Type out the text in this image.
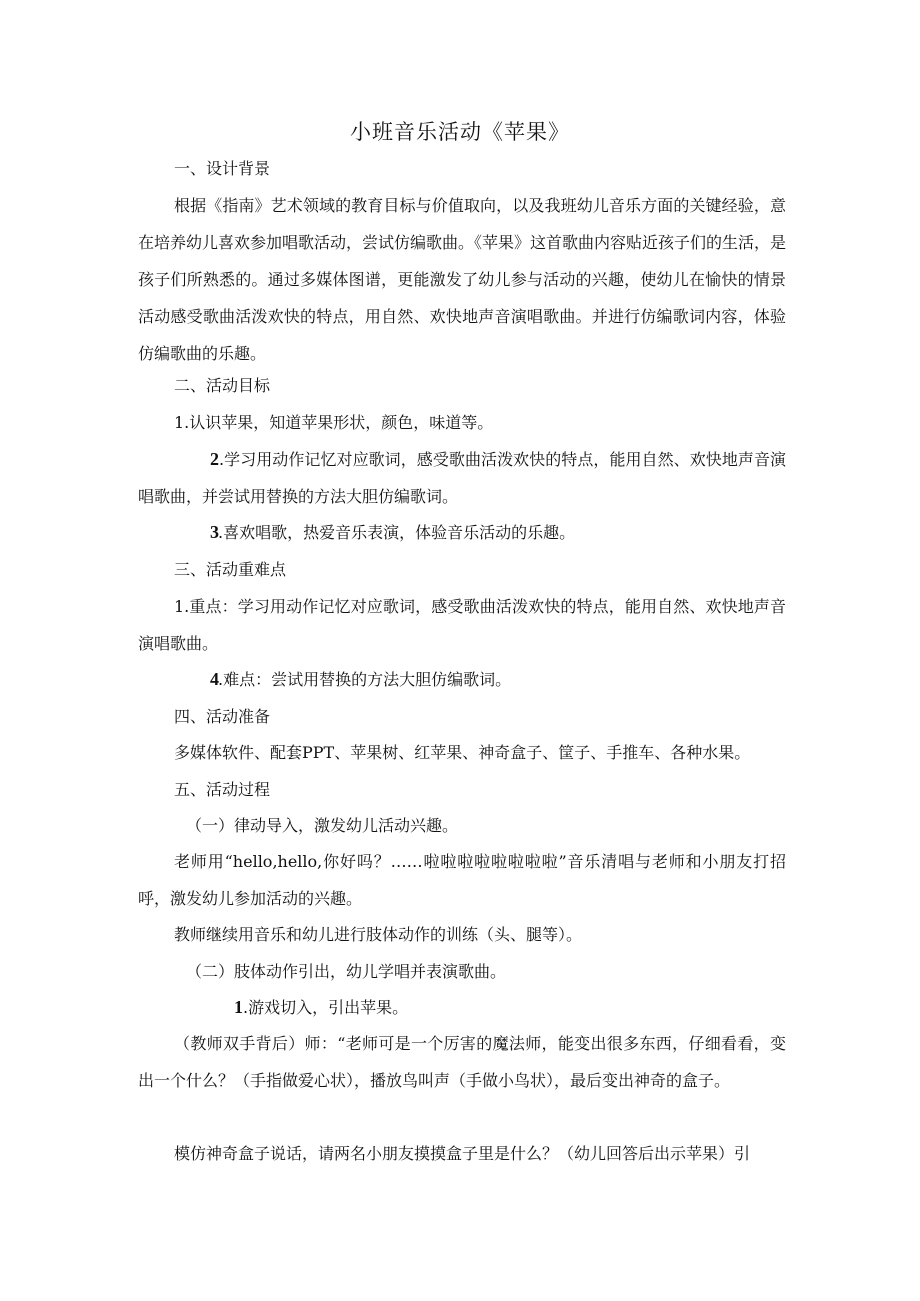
小班音乐活动《苹果》
一、设计背景
根据《指南》艺术领域的教育目标与价值取向，以及我班幼儿音乐方面的关键经验，意在培养幼儿喜欢参加唱歌活动，尝试仿编歌曲。《苹果》这首歌曲内容贴近孩子们的生活，是孩子们所熟悉的。通过多媒体图谱，更能激发了幼儿参与活动的兴趣，使幼儿在愉快的情景活动感受歌曲活泼欢快的特点，用自然、欢快地声音演唱歌曲。并进行仿编歌词内容，体验仿编歌曲的乐趣。
二、活动目标
1.认识苹果，知道苹果形状，颜色，味道等。
2.学习用动作记忆对应歌词，感受歌曲活泼欢快的特点，能用自然、欢快地声音演唱歌曲，并尝试用替换的方法大胆仿编歌词。
3.喜欢唱歌，热爱音乐表演，体验音乐活动的乐趣。
三、活动重难点
1.重点：学习用动作记忆对应歌词，感受歌曲活泼欢快的特点，能用自然、欢快地声音演唱歌曲。
4.难点：尝试用替换的方法大胆仿编歌词。
四、活动准备
多媒体软件、配套PPT、苹果树、红苹果、神奇盒子、筐子、手推车、各种水果。
五、活动过程
（一）律动导入，激发幼儿活动兴趣。
老师用“hello,hello,你好吗？……啦啦啦啦啦啦啦啦”音乐清唱与老师和小朋友打招呼，激发幼儿参加活动的兴趣。
教师继续用音乐和幼儿进行肢体动作的训练（头、腿等）。
（二）肢体动作引出，幼儿学唱并表演歌曲。
1.游戏切入，引出苹果。
（教师双手背后）师：“老师可是一个厉害的魔法师，能变出很多东西，仔细看看，变出一个什么？（手指做爱心状），播放鸟叫声（手做小鸟状），最后变出神奇的盒子。
模仿神奇盒子说话，请两名小朋友摸摸盒子里是什么？（幼儿回答后出示苹果）引
